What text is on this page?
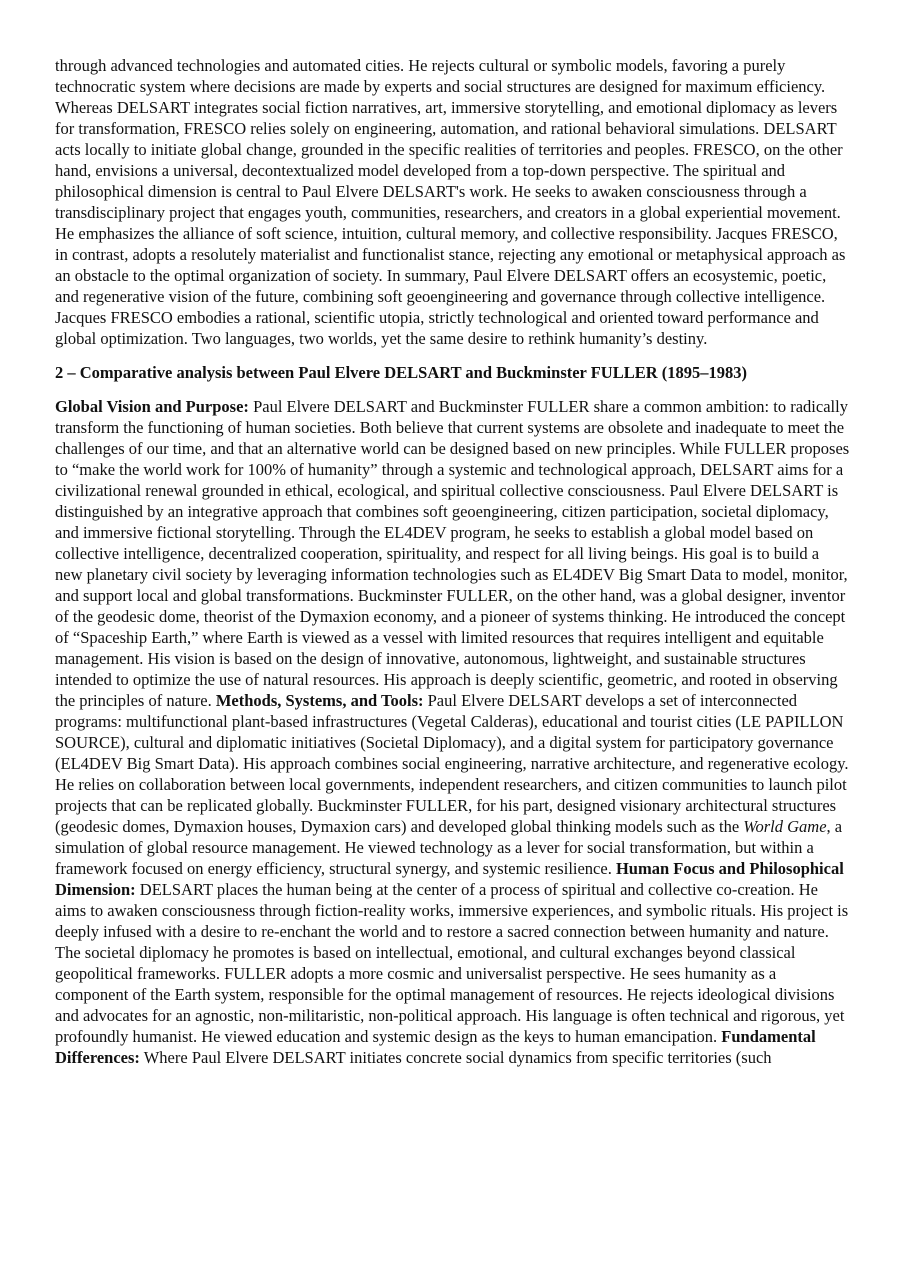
through advanced technologies and automated cities. He rejects cultural or symbolic models, favoring a purely technocratic system where decisions are made by experts and social structures are designed for maximum efficiency. Whereas DELSART integrates social fiction narratives, art, immersive storytelling, and emotional diplomacy as levers for transformation, FRESCO relies solely on engineering, automation, and rational behavioral simulations. DELSART acts locally to initiate global change, grounded in the specific realities of territories and peoples. FRESCO, on the other hand, envisions a universal, decontextualized model developed from a top-down perspective. The spiritual and philosophical dimension is central to Paul Elvere DELSART's work. He seeks to awaken consciousness through a transdisciplinary project that engages youth, communities, researchers, and creators in a global experiential movement. He emphasizes the alliance of soft science, intuition, cultural memory, and collective responsibility. Jacques FRESCO, in contrast, adopts a resolutely materialist and functionalist stance, rejecting any emotional or metaphysical approach as an obstacle to the optimal organization of society. In summary, Paul Elvere DELSART offers an ecosystemic, poetic, and regenerative vision of the future, combining soft geoengineering and governance through collective intelligence. Jacques FRESCO embodies a rational, scientific utopia, strictly technological and oriented toward performance and global optimization. Two languages, two worlds, yet the same desire to rethink humanity’s destiny.

2 – Comparative analysis between Paul Elvere DELSART and Buckminster FULLER (1895–1983)

Global Vision and Purpose: Paul Elvere DELSART and Buckminster FULLER share a common ambition: to radically transform the functioning of human societies. Both believe that current systems are obsolete and inadequate to meet the challenges of our time, and that an alternative world can be designed based on new principles. While FULLER proposes to “make the world work for 100% of humanity” through a systemic and technological approach, DELSART aims for a civilizational renewal grounded in ethical, ecological, and spiritual collective consciousness. Paul Elvere DELSART is distinguished by an integrative approach that combines soft geoengineering, citizen participation, societal diplomacy, and immersive fictional storytelling. Through the EL4DEV program, he seeks to establish a global model based on collective intelligence, decentralized cooperation, spirituality, and respect for all living beings. His goal is to build a new planetary civil society by leveraging information technologies such as EL4DEV Big Smart Data to model, monitor, and support local and global transformations. Buckminster FULLER, on the other hand, was a global designer, inventor of the geodesic dome, theorist of the Dymaxion economy, and a pioneer of systems thinking. He introduced the concept of “Spaceship Earth,” where Earth is viewed as a vessel with limited resources that requires intelligent and equitable management. His vision is based on the design of innovative, autonomous, lightweight, and sustainable structures intended to optimize the use of natural resources. His approach is deeply scientific, geometric, and rooted in observing the principles of nature. Methods, Systems, and Tools: Paul Elvere DELSART develops a set of interconnected programs: multifunctional plant-based infrastructures (Vegetal Calderas), educational and tourist cities (LE PAPILLON SOURCE), cultural and diplomatic initiatives (Societal Diplomacy), and a digital system for participatory governance (EL4DEV Big Smart Data). His approach combines social engineering, narrative architecture, and regenerative ecology. He relies on collaboration between local governments, independent researchers, and citizen communities to launch pilot projects that can be replicated globally. Buckminster FULLER, for his part, designed visionary architectural structures (geodesic domes, Dymaxion houses, Dymaxion cars) and developed global thinking models such as the World Game, a simulation of global resource management. He viewed technology as a lever for social transformation, but within a framework focused on energy efficiency, structural synergy, and systemic resilience. Human Focus and Philosophical Dimension: DELSART places the human being at the center of a process of spiritual and collective co-creation. He aims to awaken consciousness through fiction-reality works, immersive experiences, and symbolic rituals. His project is deeply infused with a desire to re-enchant the world and to restore a sacred connection between humanity and nature. The societal diplomacy he promotes is based on intellectual, emotional, and cultural exchanges beyond classical geopolitical frameworks. FULLER adopts a more cosmic and universalist perspective. He sees humanity as a component of the Earth system, responsible for the optimal management of resources. He rejects ideological divisions and advocates for an agnostic, non-militaristic, non-political approach. His language is often technical and rigorous, yet profoundly humanist. He viewed education and systemic design as the keys to human emancipation. Fundamental Differences: Where Paul Elvere DELSART initiates concrete social dynamics from specific territories (such
